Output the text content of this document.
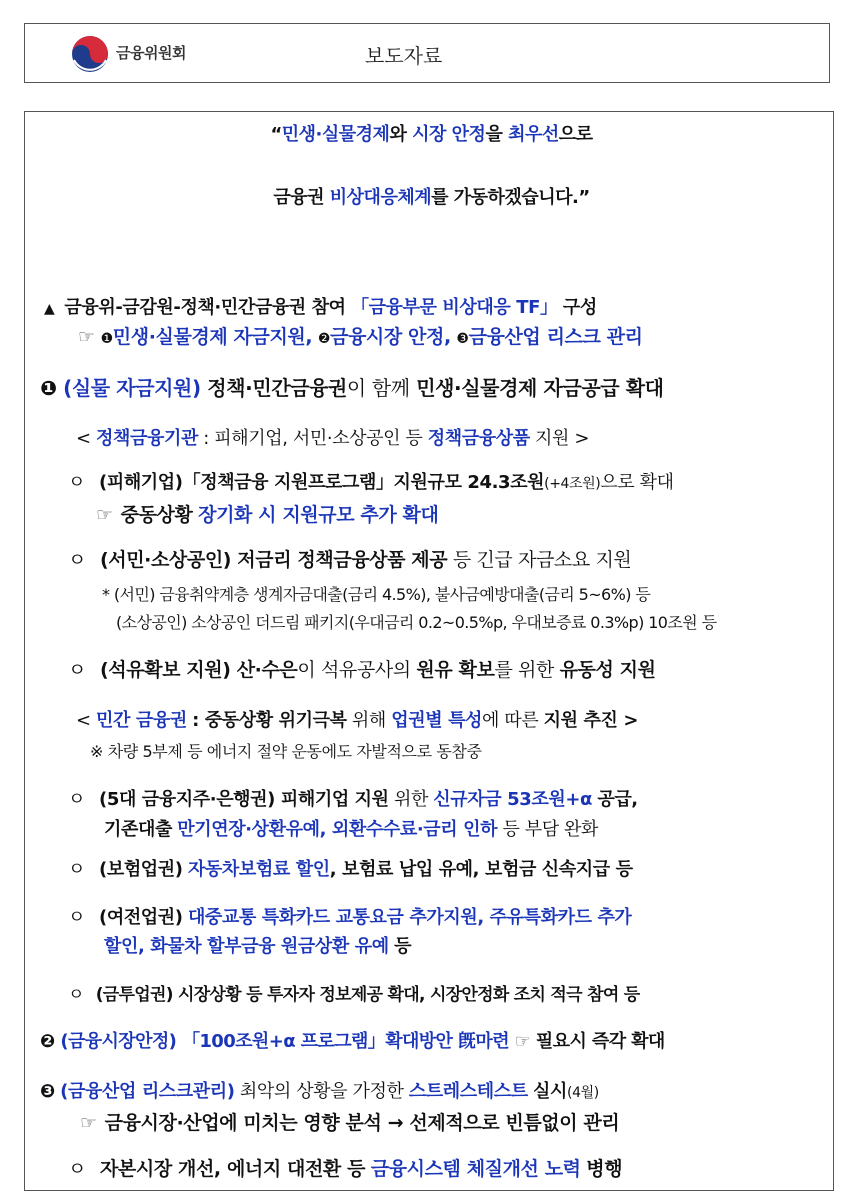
금융위원회	보도자료
“민생·실물경제와 시장 안정을 최우선으로
금융권 비상대응체계를 가동하겠습니다.”
▲ 금융위-금감원-정책·민간금융권 참여 「금융부문 비상대응 TF」 구성
☞ ❶민생·실물경제 자금지원, ❷금융시장 안정, ❸금융산업 리스크 관리
❶ (실물 자금지원) 정책·민간금융권이 함께 민생·실물경제 자금공급 확대
< 정책금융기관 : 피해기업, 서민·소상공인 등 정책금융상품 지원 >
ㅇ (피해기업)「정책금융 지원프로그램」지원규모 24.3조원(+4조원)으로 확대
☞ 중동상황 장기화 시 지원규모 추가 확대
ㅇ (서민·소상공인) 저금리 정책금융상품 제공 등 긴급 자금소요 지원
* (서민) 금융취약계층 생계자금대출(금리 4.5%), 불사금예방대출(금리 5~6%) 등
(소상공인) 소상공인 더드림 패키지(우대금리 0.2~0.5%p, 우대보증료 0.3%p) 10조원 등
ㅇ (석유확보 지원) 산·수은이 석유공사의 원유 확보를 위한 유동성 지원
< 민간 금융권 : 중동상황 위기극복 위해 업권별 특성에 따른 지원 추진 >
※ 차량 5부제 등 에너지 절약 운동에도 자발적으로 동참중
ㅇ (5대 금융지주·은행권) 피해기업 지원 위한 신규자금 53조원+α 공급,
기존대출 만기연장·상환유예, 외환수수료·금리 인하 등 부담 완화
ㅇ (보험업권) 자동차보험료 할인, 보험료 납입 유예, 보험금 신속지급 등
ㅇ (여전업권) 대중교통 특화카드 교통요금 추가지원, 주유특화카드 추가
할인, 화물차 할부금융 원금상환 유예 등
ㅇ (금투업권) 시장상황 등 투자자 정보제공 확대, 시장안정화 조치 적극 참여 등
❷ (금융시장안정) 「100조원+α 프로그램」확대방안 旣마련 ☞ 필요시 즉각 확대
❸ (금융산업 리스크관리) 최악의 상황을 가정한 스트레스테스트 실시(4월)
☞ 금융시장·산업에 미치는 영향 분석 → 선제적으로 빈틈없이 관리
ㅇ 자본시장 개선, 에너지 대전환 등 금융시스템 체질개선 노력 병행
